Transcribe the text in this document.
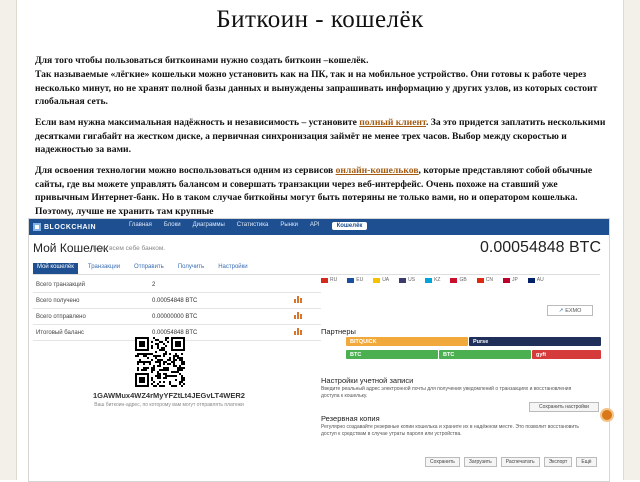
Биткоин - кошелёк
Для того чтобы пользоваться биткоинами нужно создать биткоин –кошелёк.
Так называемые «лёгкие» кошельки можно установить как на ПК, так и на мобильное устройство. Они готовы к работе через несколько минут, но не хранят полной базы данных и вынуждены запрашивать информацию у других узлов, из которых состоит глобальная сеть.
Если вам нужна максимальная надёжность и независимость – установите полный клиент. За это придется заплатить несколькими десятками гигабайт на жестком диске, а первичная синхронизация займёт не менее трех часов. Выбор между скоростью и надежностью за вами.
Для освоения технологии можно воспользоваться одним из сервисов онлайн-кошельков, которые представляют собой обычные сайты, где вы можете управлять балансом и совершать транзакции через веб-интерфейс. Очень похоже на ставший уже привычным Интернет-банк. Но в таком случае биткойны могут быть потеряны не только вами, но и оператором кошелька. Поэтому, лучше не хранить там крупные
BLOCKCHAIN	Главная Блоки Диаграммы Статистика Рынки API	Кошелёк
Мой Кошелек
Будь всем себе банком.	0.00054848 BTC
Мой кошелёк	Транзакции	Отправить	Получить	Настройки
Всего транзакций	2	
Всего получено	0.00054848 BTC	

Всего отправлено	0.00000000 BTC	

Итоговый баланс	0.00054848 BTC	
1GAWMux4WZ4rMyYFZtLt4JEGvLT4WER2
Ваш биткоин-адрес, по которому вам могут отправлять платежи
RU	EU	UA	US	KZ	GB	CN	JP	AU
↗ EXMO
Партнеры
BITQUICK	Purse
BTC	BTC	gyft
Настройки учетной записи
Введите реальный адрес электронной почты для получения уведомлений о транзакциях и восстановления доступа к кошельку.
Сохранить настройки
Резервная копия
Регулярно создавайте резервные копии кошелька и храните их в надёжном месте. Это позволит восстановить доступ к средствам в случае утраты пароля или устройства.
Сохранить	Загрузить	Распечатать	Экспорт	Ещё
